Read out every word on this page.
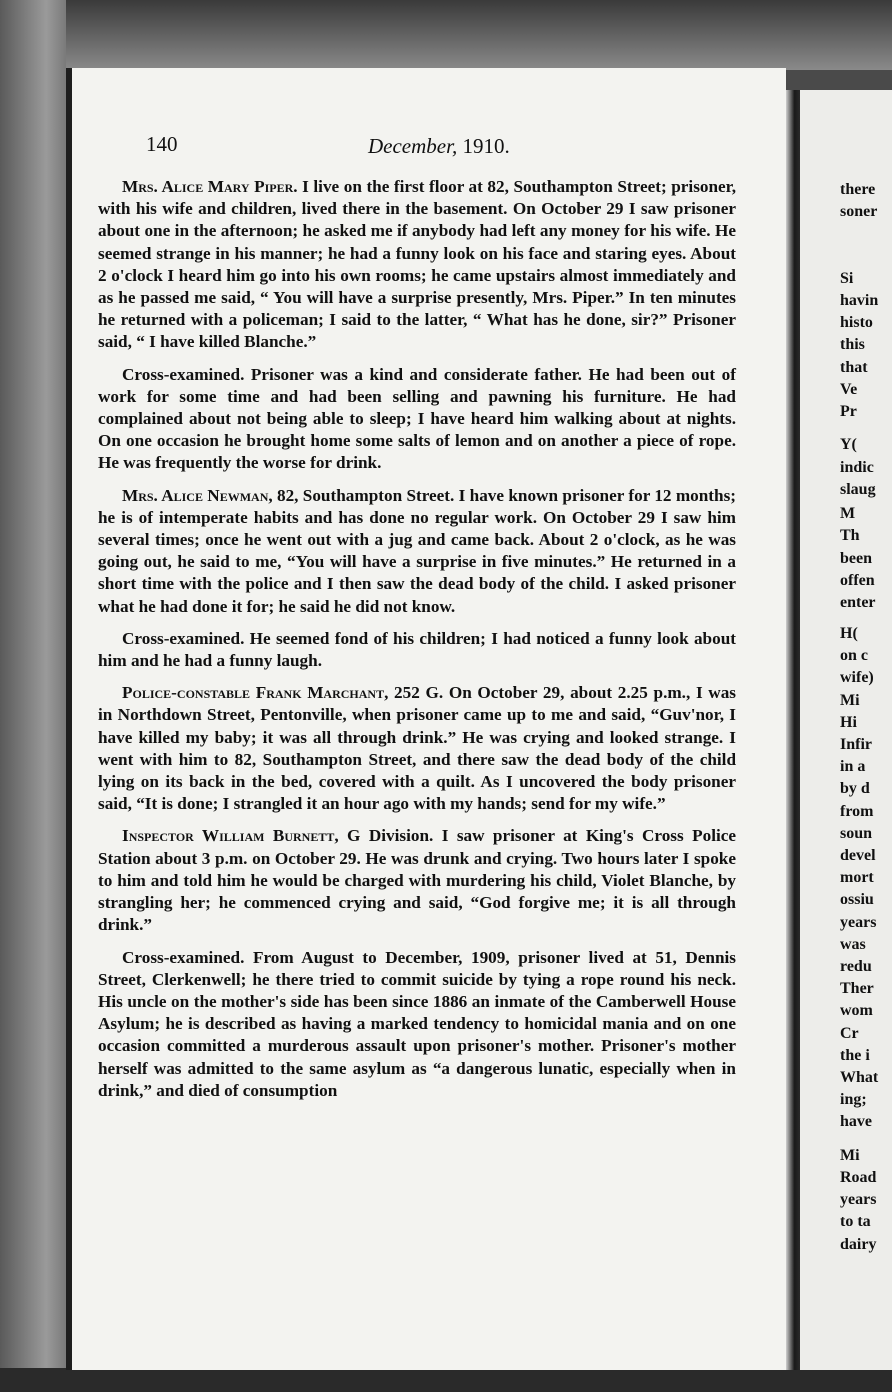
there
soner
Si
havin
histo
this
that
Ve
Pr
Y(
indic
slaug
M
Th
been
offen
enter
H(
on c
wife)
Mi
Hi
Infir
in a
by d
from
soun
devel
mort
ossiu
years
was
redu
Ther
wom
Cr
the i
What
ing;
have
Mi
Road
years
to ta
dairy
140	December, 1910.

Mrs. Alice Mary Piper. I live on the first floor at 82, Southampton Street; prisoner, with his wife and children, lived there in the basement. On October 29 I saw prisoner about one in the afternoon; he asked me if anybody had left any money for his wife. He seemed strange in his manner; he had a funny look on his face and staring eyes. About 2 o'clock I heard him go into his own rooms; he came upstairs almost immediately and as he passed me said, “ You will have a surprise presently, Mrs. Piper.” In ten minutes he returned with a policeman; I said to the latter, “ What has he done, sir?” Prisoner said, “ I have killed Blanche.”

Cross-examined. Prisoner was a kind and considerate father. He had been out of work for some time and had been selling and pawning his furniture. He had complained about not being able to sleep; I have heard him walking about at nights. On one occasion he brought home some salts of lemon and on another a piece of rope. He was frequently the worse for drink.

Mrs. Alice Newman, 82, Southampton Street. I have known prisoner for 12 months; he is of intemperate habits and has done no regular work. On October 29 I saw him several times; once he went out with a jug and came back. About 2 o'clock, as he was going out, he said to me, “You will have a surprise in five minutes.” He returned in a short time with the police and I then saw the dead body of the child. I asked prisoner what he had done it for; he said he did not know.

Cross-examined. He seemed fond of his children; I had noticed a funny look about him and he had a funny laugh.

Police-constable Frank Marchant, 252 G. On October 29, about 2.25 p.m., I was in Northdown Street, Pentonville, when prisoner came up to me and said, “Guv'nor, I have killed my baby; it was all through drink.” He was crying and looked strange. I went with him to 82, Southampton Street, and there saw the dead body of the child lying on its back in the bed, covered with a quilt. As I uncovered the body prisoner said, “It is done; I strangled it an hour ago with my hands; send for my wife.”

Inspector William Burnett, G Division. I saw prisoner at King's Cross Police Station about 3 p.m. on October 29. He was drunk and crying. Two hours later I spoke to him and told him he would be charged with murdering his child, Violet Blanche, by strangling her; he commenced crying and said, “God forgive me; it is all through drink.”

Cross-examined. From August to December, 1909, prisoner lived at 51, Dennis Street, Clerkenwell; he there tried to commit suicide by tying a rope round his neck. His uncle on the mother's side has been since 1886 an inmate of the Camberwell House Asylum; he is described as having a marked tendency to homicidal mania and on one occasion committed a murderous assault upon prisoner's mother. Prisoner's mother herself was admitted to the same asylum as “a dangerous lunatic, especially when in drink,” and died of consumption
